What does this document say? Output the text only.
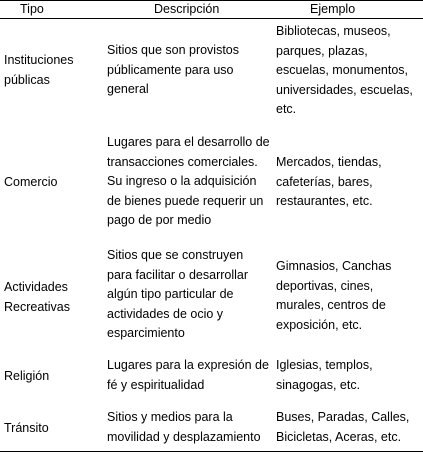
Tipo	Descripción	Ejemplo
Instituciones
públicas
Sitios que son provistos
públicamente para uso
general
Bibliotecas, museos,
parques, plazas,
escuelas, monumentos,
universidades, escuelas,
etc.
Comercio
Lugares para el desarrollo de
transacciones comerciales.
Su ingreso o la adquisición
de bienes puede requerir un
pago de por medio
Mercados, tiendas,
cafeterías, bares,
restaurantes, etc.
Actividades
Recreativas
Sitios que se construyen
para facilitar o desarrollar
algún tipo particular de
actividades de ocio y
esparcimiento
Gimnasios, Canchas
deportivas, cines,
murales, centros de
exposición, etc.
Religión
Lugares para la expresión de
fé y espiritualidad
Iglesias, templos,
sinagogas, etc.
Tránsito
Sitios y medios para la
movilidad y desplazamiento
Buses, Paradas, Calles,
Bicicletas, Aceras, etc.
